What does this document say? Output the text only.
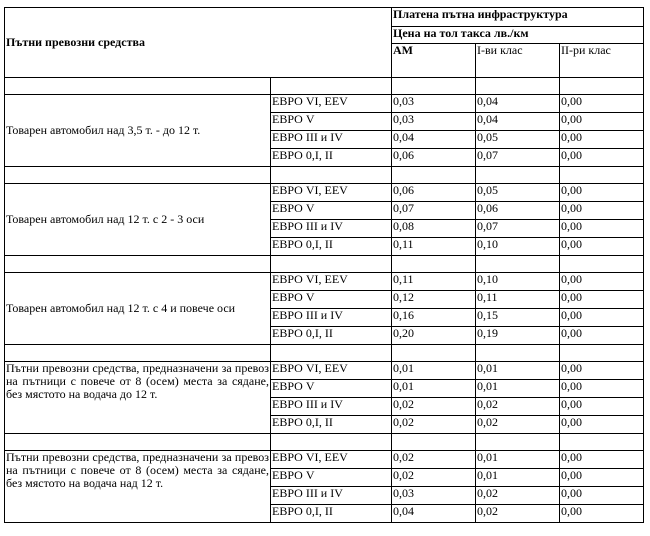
Пътни превозни средства		Платена пътна инфраструктура		
		Цена на тол такса лв./км		
		АМ	I-ви клас	II-ри клас

Товарен автомобил над 3,5 т. - до 12 т.	ЕВРО VI, EEV	0,03	0,04	0,00
	ЕВРО V	0,03	0,04	0,00
	ЕВРО III и IV	0,04	0,05	0,00
	ЕВРО 0,I, II	0,06	0,07	0,00

Товарен автомобил над 12 т. с 2 - 3 оси	ЕВРО VI, EEV	0,06	0,05	0,00
	ЕВРО V	0,07	0,06	0,00
	ЕВРО III и IV	0,08	0,07	0,00
	ЕВРО 0,I, II	0,11	0,10	0,00

Товарен автомобил над 12 т. с 4 и повече оси	ЕВРО VI, EEV	0,11	0,10	0,00
	ЕВРО V	0,12	0,11	0,00
	ЕВРО III и IV	0,16	0,15	0,00
	ЕВРО 0,I, II	0,20	0,19	0,00

Пътни превозни средства, предназначени за превоз на пътници с повече от 8 (осем) места за сядане, без мястото на водача до 12 т.	ЕВРО VI, EEV	0,01	0,01	0,00
	ЕВРО V	0,01	0,01	0,00
	ЕВРО III и IV	0,02	0,02	0,00
	ЕВРО 0,I, II	0,02	0,02	0,00

Пътни превозни средства, предназначени за превоз на пътници с повече от 8 (осем) места за сядане, без мястото на водача над 12 т.	ЕВРО VI, EEV	0,02	0,01	0,00
	ЕВРО V	0,02	0,01	0,00
	ЕВРО III и IV	0,03	0,02	0,00
	ЕВРО 0,I, II	0,04	0,02	0,00
